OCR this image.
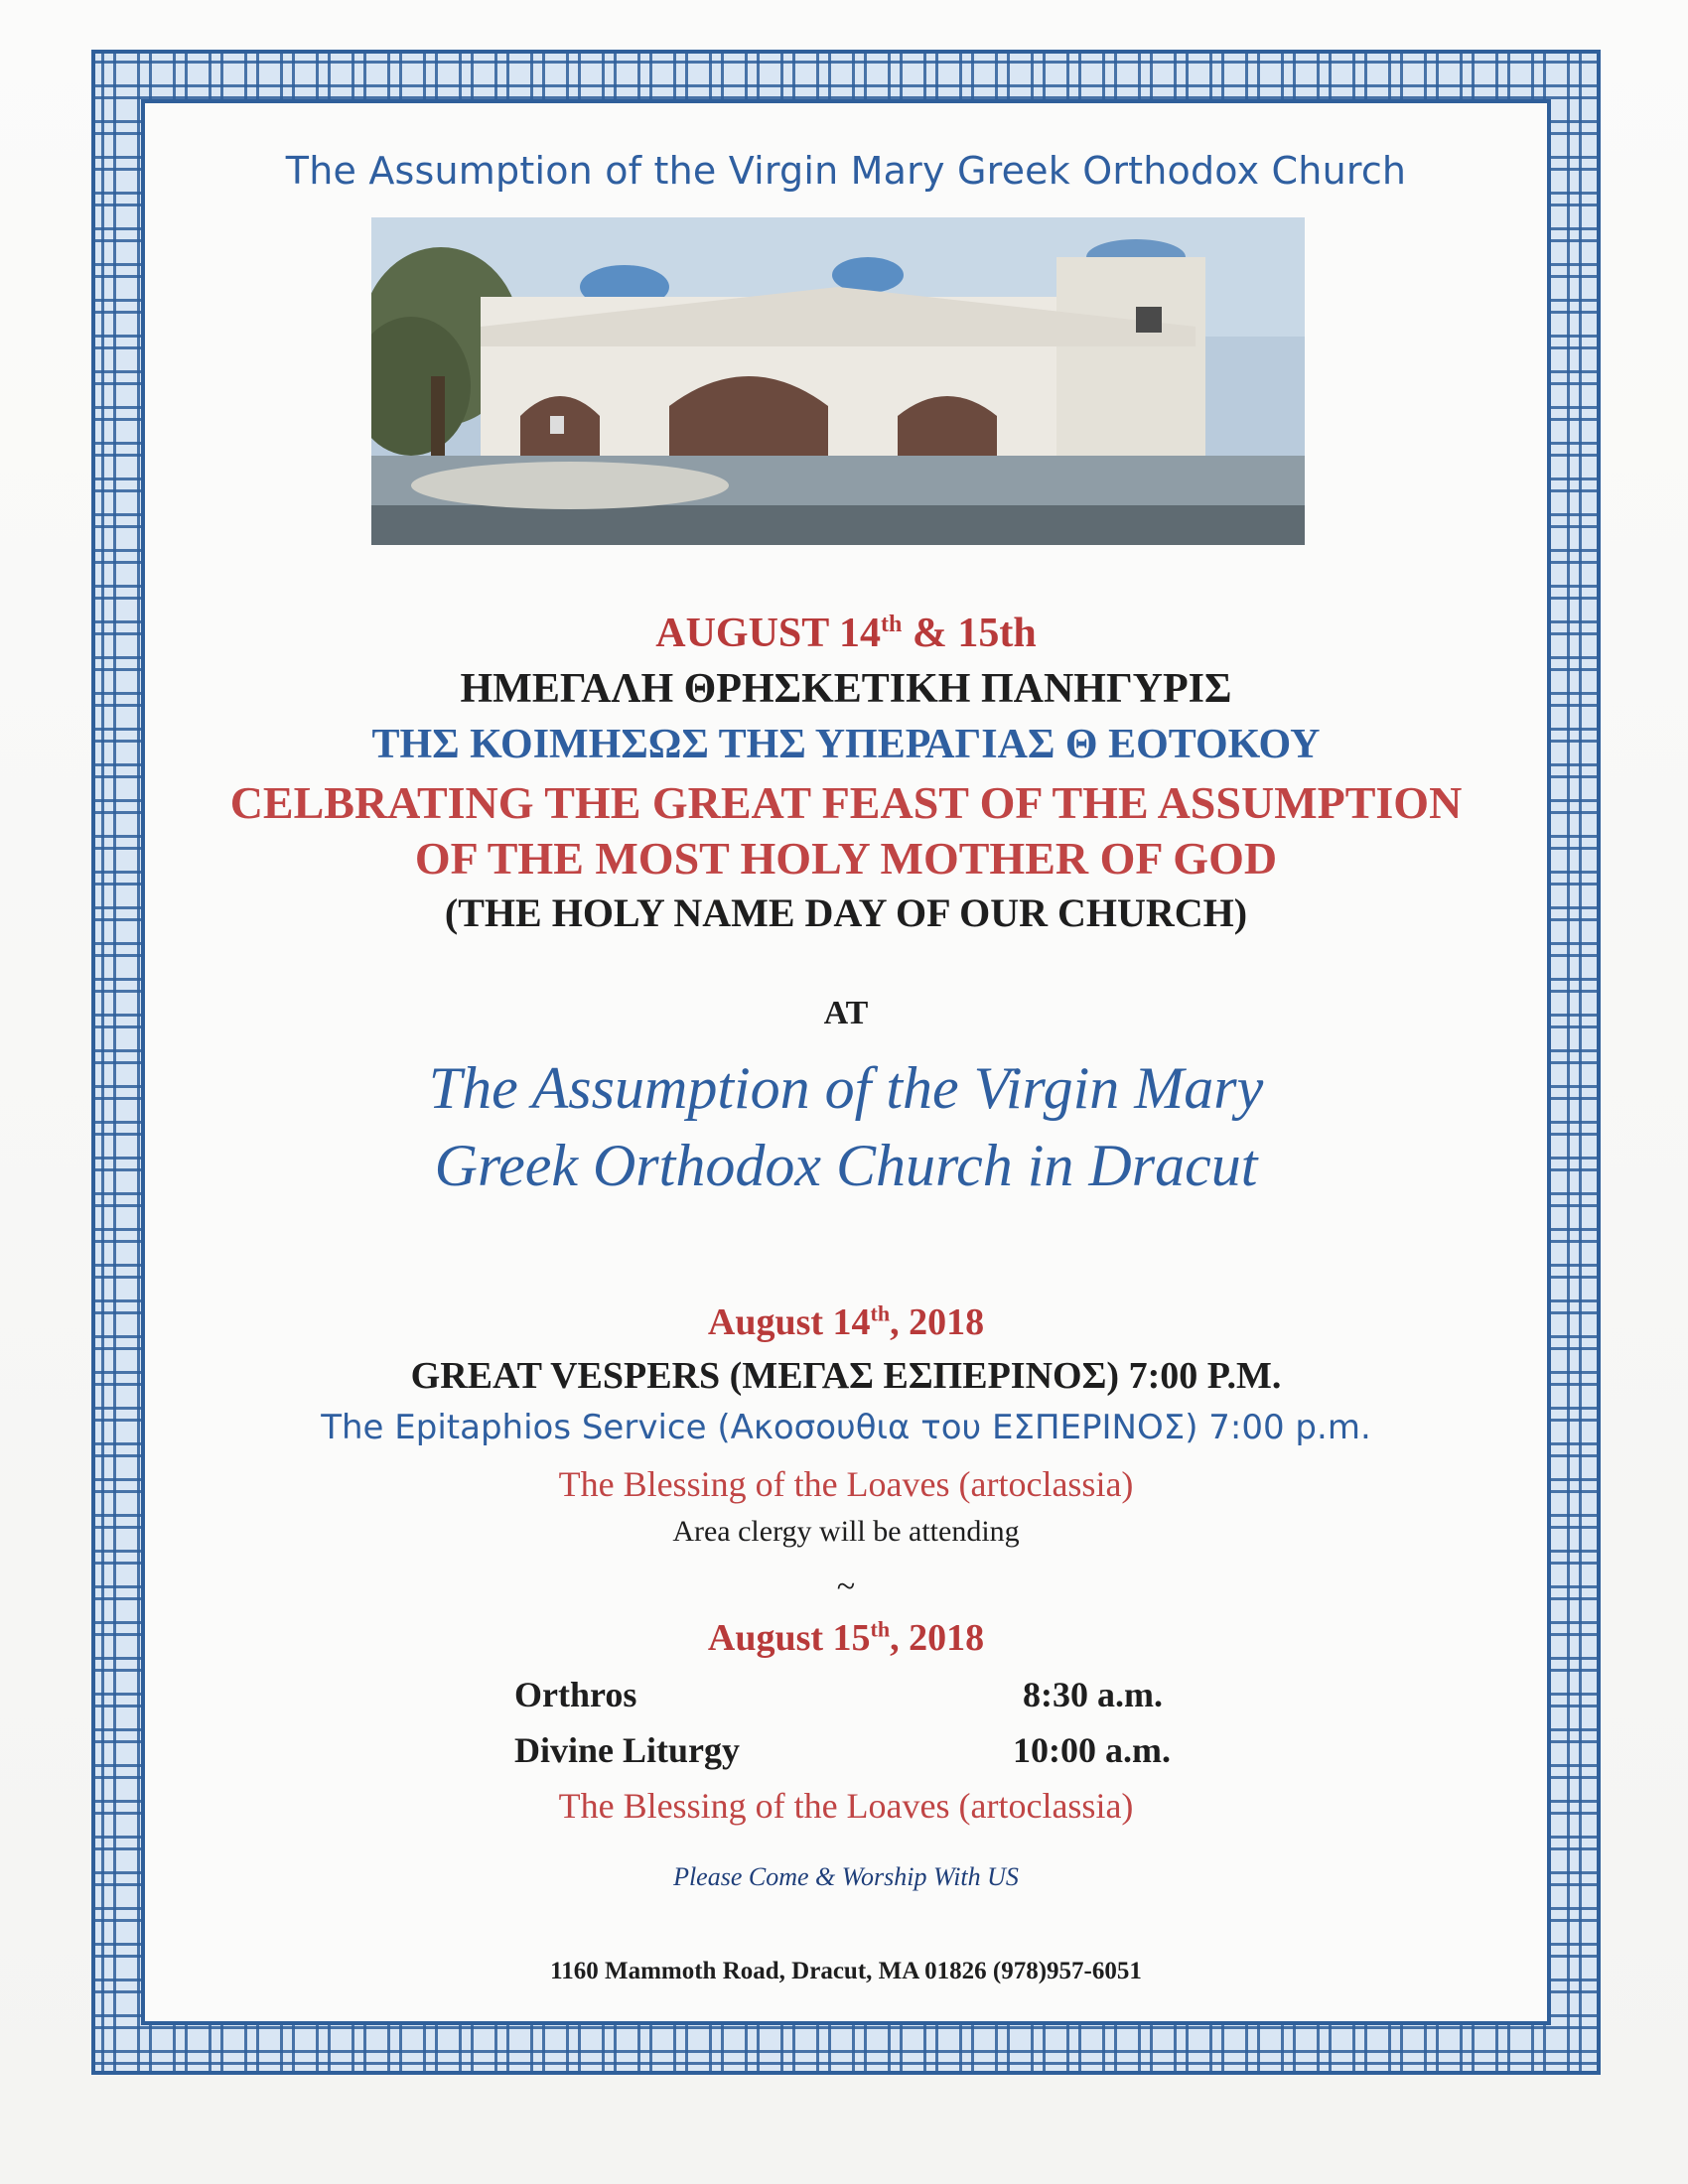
The Assumption of the Virgin Mary Greek Orthodox Church
AUGUST 14th & 15th
ΗΜΕΓΑΛΗ ΘΡΗΣΚΕΤΙΚΗ ΠΑΝΗΓΥΡΙΣ
ΤΗΣ ΚΟΙΜΗΣΩΣ ΤΗΣ ΥΠΕΡΑΓΙΑΣ Θ ΕΟΤΟΚΟΥ
CELBRATING THE GREAT FEAST OF THE ASSUMPTION
OF THE MOST HOLY MOTHER OF GOD
(THE HOLY NAME DAY OF OUR CHURCH)
AT
The Assumption of the Virgin Mary
Greek Orthodox Church in Dracut
August 14th, 2018
GREAT VESPERS (ΜΕΓΑΣ ΕΣΠΕΡΙΝΟΣ) 7:00 P.M.
The Epitaphios Service (Ακοσουθια του ΕΣΠΕΡΙΝΟΣ) 7:00 p.m.
The Blessing of the Loaves (artoclassia)
Area clergy will be attending
~
August 15th, 2018
Orthros	8:30 a.m.
Divine Liturgy	10:00 a.m.
The Blessing of the Loaves (artoclassia)
Please Come & Worship With US
1160 Mammoth Road, Dracut, MA 01826 (978)957-6051
